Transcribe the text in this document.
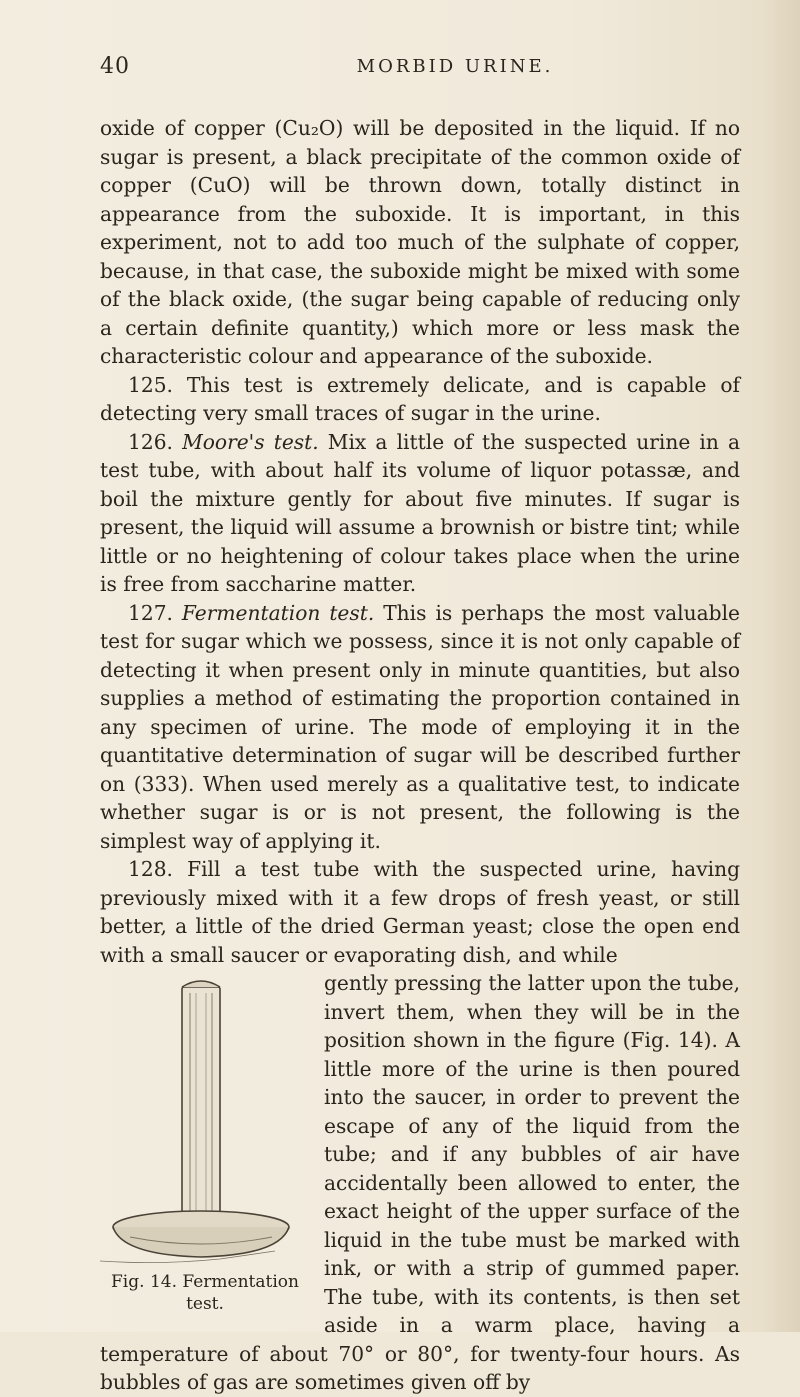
40	MORBID URINE.

oxide of copper (Cu₂O) will be deposited in the liquid. If no sugar is present, a black precipitate of the common oxide of copper (CuO) will be thrown down, totally distinct in appearance from the suboxide. It is important, in this experiment, not to add too much of the sulphate of copper, because, in that case, the suboxide might be mixed with some of the black oxide, (the sugar being capable of reducing only a certain definite quantity,) which more or less mask the characteristic colour and appearance of the suboxide.

125. This test is extremely delicate, and is capable of detecting very small traces of sugar in the urine.

126. Moore's test. Mix a little of the suspected urine in a test tube, with about half its volume of liquor potassæ, and boil the mixture gently for about five minutes. If sugar is present, the liquid will assume a brownish or bistre tint; while little or no heightening of colour takes place when the urine is free from saccharine matter.

127. Fermentation test. This is perhaps the most valuable test for sugar which we possess, since it is not only capable of detecting it when present only in minute quantities, but also supplies a method of estimating the proportion contained in any specimen of urine. The mode of employing it in the quantitative determination of sugar will be described further on (333). When used merely as a qualitative test, to indicate whether sugar is or is not present, the following is the simplest way of applying it.

128. Fill a test tube with the suspected urine, having previously mixed with it a few drops of fresh yeast, or still better, a little of the dried German yeast; close the open end with a small saucer or evaporating dish, and while

Fig. 14. Fermentation test.

gently pressing the latter upon the tube, invert them, when they will be in the position shown in the figure (Fig. 14). A little more of the urine is then poured into the saucer, in order to prevent the escape of any of the liquid from the tube; and if any bubbles of air have accidentally been allowed to enter, the exact height of the upper surface of the liquid in the tube must be marked with ink, or with a strip of gummed paper. The tube, with its contents, is then set aside in a warm place, having a temperature of about 70° or 80°, for twenty-four hours. As bubbles of gas are sometimes given off by
